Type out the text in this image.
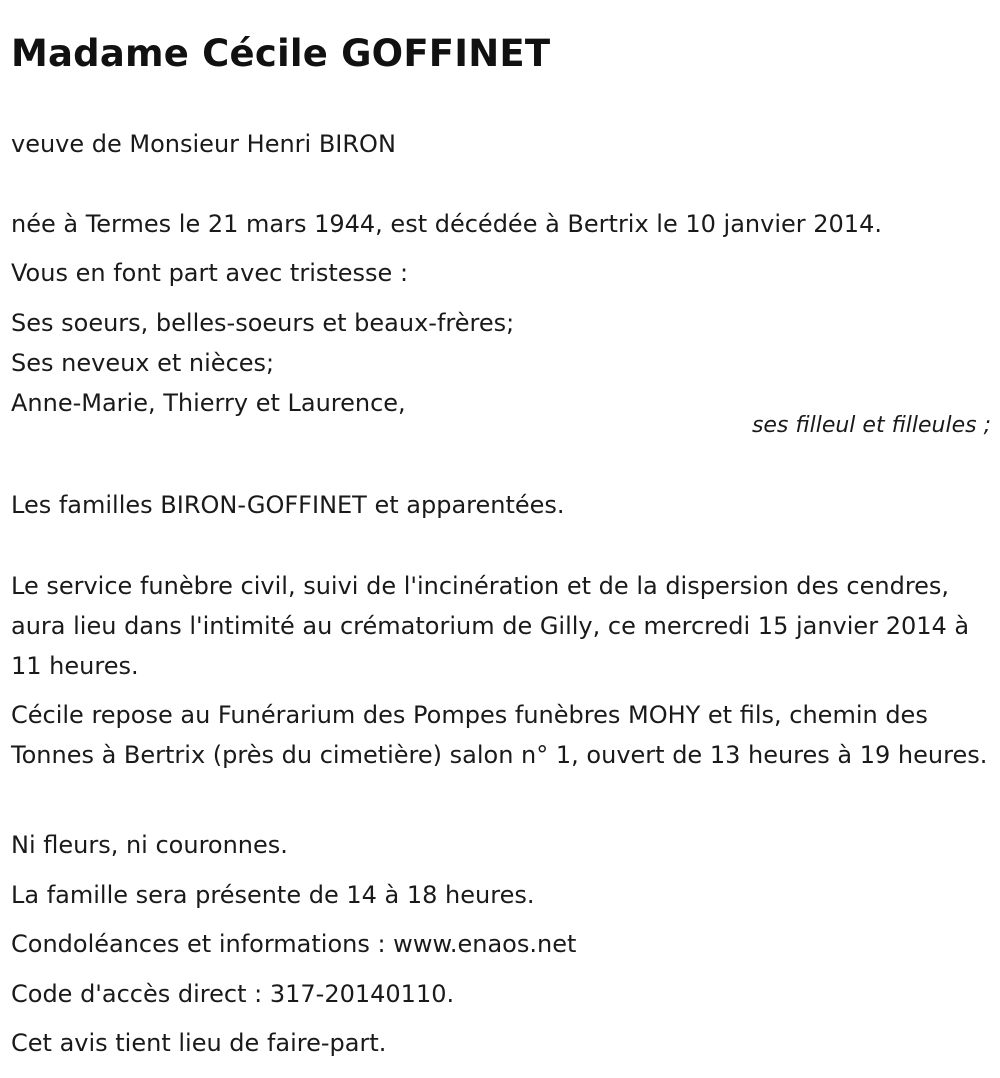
Madame Cécile GOFFINET

veuve de Monsieur Henri BIRON

née à Termes le 21 mars 1944, est décédée à Bertrix le 10 janvier 2014.

Vous en font part avec tristesse :

Ses soeurs, belles-soeurs et beaux-frères;

Ses neveux et nièces;

Anne-Marie, Thierry et Laurence,

ses filleul et filleules ;

Les familles BIRON-GOFFINET et apparentées.

Le service funèbre civil, suivi de l'incinération et de la dispersion des cendres, aura lieu dans l'intimité au crématorium de Gilly, ce mercredi 15 janvier 2014 à 11 heures.

Cécile repose au Funérarium des Pompes funèbres MOHY et fils, chemin des Tonnes à Bertrix (près du cimetière) salon n° 1, ouvert de 13 heures à 19 heures.

Ni fleurs, ni couronnes.

La famille sera présente de 14 à 18 heures.

Condoléances et informations : www.enaos.net

Code d'accès direct : 317-20140110.

Cet avis tient lieu de faire-part.
